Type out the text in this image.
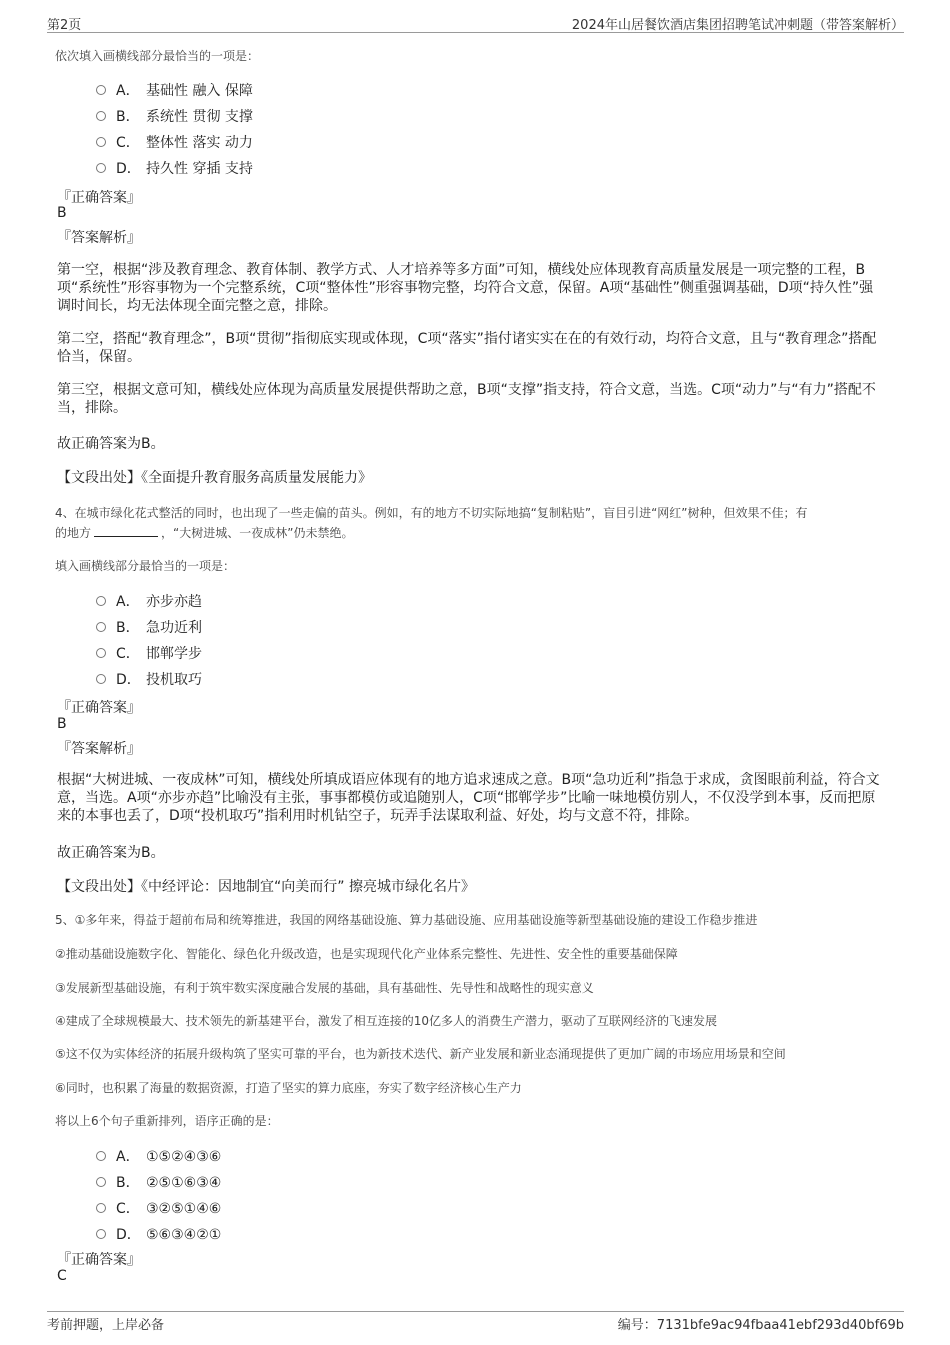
第2页	2024年山居餐饮酒店集团招聘笔试冲刺题（带答案解析）
依次填入画横线部分最恰当的一项是：
A． 基础性 融入 保障
B． 系统性 贯彻 支撑
C． 整体性 落实 动力
D． 持久性 穿插 支持
『正确答案』
B
『答案解析』
第一空，根据“涉及教育理念、教育体制、教学方式、人才培养等多方面”可知，横线处应体现教育高质量发展是一项完整的工程，B项“系统性”形容事物为一个完整系统，C项“整体性”形容事物完整，均符合文意，保留。A项“基础性”侧重强调基础，D项“持久性”强调时间长，均无法体现全面完整之意，排除。
第二空，搭配“教育理念”，B项“贯彻”指彻底实现或体现，C项“落实”指付诸实实在在的有效行动，均符合文意，且与“教育理念”搭配恰当，保留。
第三空，根据文意可知，横线处应体现为高质量发展提供帮助之意，B项“支撑”指支持，符合文意，当选。C项“动力”与“有力”搭配不当，排除。
故正确答案为B。
【文段出处】《全面提升教育服务高质量发展能力》
4、在城市绿化花式整活的同时，也出现了一些走偏的苗头。例如，有的地方不切实际地搞“复制粘贴”，盲目引进“网红”树种，但效果不佳；有
的地方	，“大树进城、一夜成林”仍未禁绝。
填入画横线部分最恰当的一项是：
A． 亦步亦趋
B． 急功近利
C． 邯郸学步
D． 投机取巧
『正确答案』
B
『答案解析』
根据“大树进城、一夜成林”可知，横线处所填成语应体现有的地方追求速成之意。B项“急功近利”指急于求成，贪图眼前利益，符合文意，当选。A项“亦步亦趋”比喻没有主张，事事都模仿或追随别人，C项“邯郸学步”比喻一味地模仿别人，不仅没学到本事，反而把原来的本事也丢了，D项“投机取巧”指利用时机钻空子，玩弄手法谋取利益、好处，均与文意不符，排除。
故正确答案为B。
【文段出处】《中经评论：因地制宜“向美而行” 擦亮城市绿化名片》
5、①多年来，得益于超前布局和统筹推进，我国的网络基础设施、算力基础设施、应用基础设施等新型基础设施的建设工作稳步推进
②推动基础设施数字化、智能化、绿色化升级改造，也是实现现代化产业体系完整性、先进性、安全性的重要基础保障
③发展新型基础设施，有利于筑牢数实深度融合发展的基础，具有基础性、先导性和战略性的现实意义
④建成了全球规模最大、技术领先的新基建平台，激发了相互连接的10亿多人的消费生产潜力，驱动了互联网经济的飞速发展
⑤这不仅为实体经济的拓展升级构筑了坚实可靠的平台，也为新技术迭代、新产业发展和新业态涌现提供了更加广阔的市场应用场景和空间
⑥同时，也积累了海量的数据资源，打造了坚实的算力底座，夯实了数字经济核心生产力
将以上6个句子重新排列，语序正确的是：
A． ①⑤②④③⑥
B． ②⑤①⑥③④
C． ③②⑤①④⑥
D． ⑤⑥③④②①
『正确答案』
C
考前押题，上岸必备	编号：7131bfe9ac94fbaa41ebf293d40bf69b
